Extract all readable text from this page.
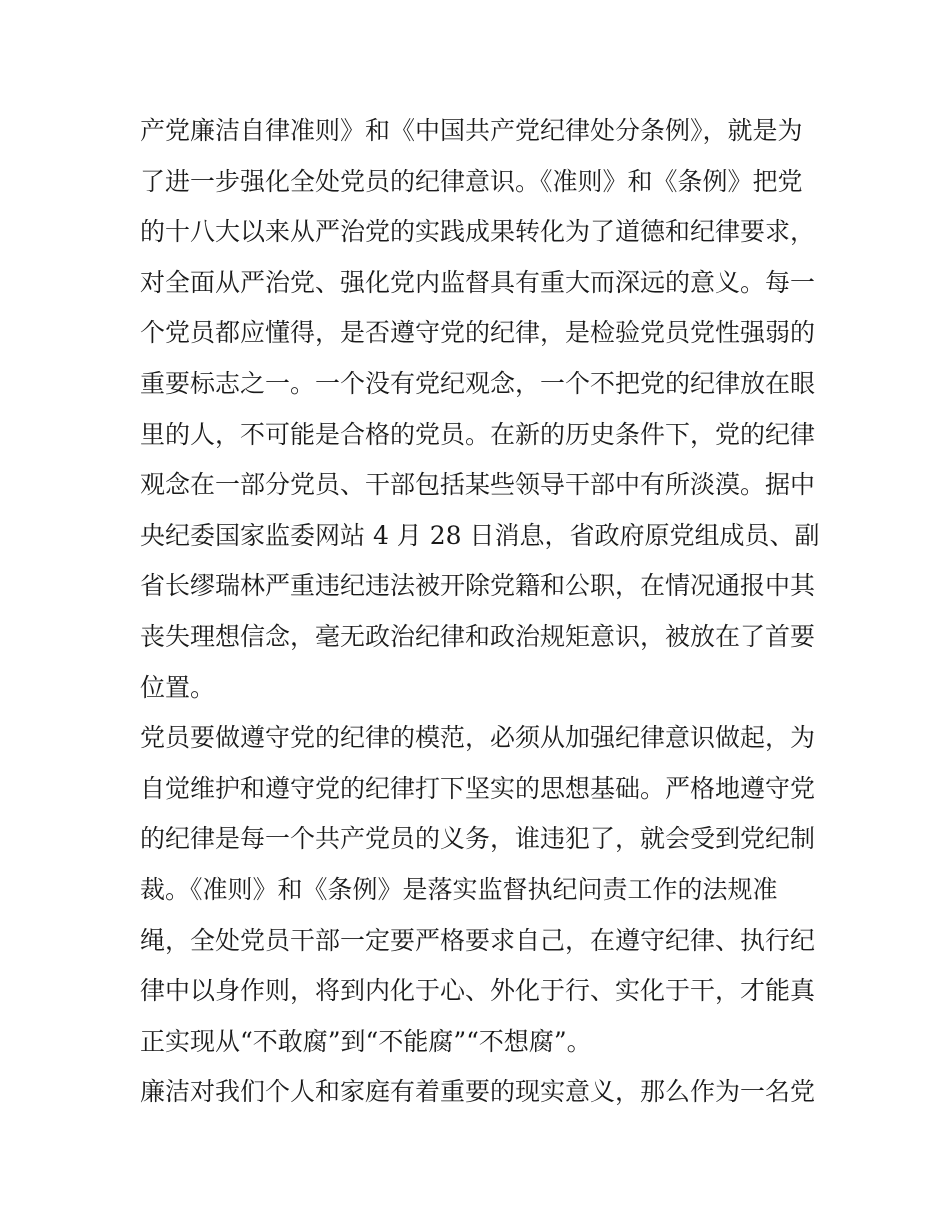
产党廉洁自律准则》和《中国共产党纪律处分条例》，就是为
了进一步强化全处党员的纪律意识。《准则》和《条例》把党
的十八大以来从严治党的实践成果转化为了道德和纪律要求，
对全面从严治党、强化党内监督具有重大而深远的意义。每一
个党员都应懂得，是否遵守党的纪律，是检验党员党性强弱的
重要标志之一。一个没有党纪观念，一个不把党的纪律放在眼
里的人，不可能是合格的党员。在新的历史条件下，党的纪律
观念在一部分党员、干部包括某些领导干部中有所淡漠。据中
央纪委国家监委网站 4 月 28 日消息，省政府原党组成员、副
省长缪瑞林严重违纪违法被开除党籍和公职，在情况通报中其
丧失理想信念，毫无政治纪律和政治规矩意识，被放在了首要
位置。
党员要做遵守党的纪律的模范，必须从加强纪律意识做起，为
自觉维护和遵守党的纪律打下坚实的思想基础。严格地遵守党
的纪律是每一个共产党员的义务，谁违犯了，就会受到党纪制
裁。《准则》和《条例》是落实监督执纪问责工作的法规准
绳，全处党员干部一定要严格要求自己，在遵守纪律、执行纪
律中以身作则，将到内化于心、外化于行、实化于干，才能真
正实现从“不敢腐”到“不能腐”“不想腐”。
廉洁对我们个人和家庭有着重要的现实意义，那么作为一名党
